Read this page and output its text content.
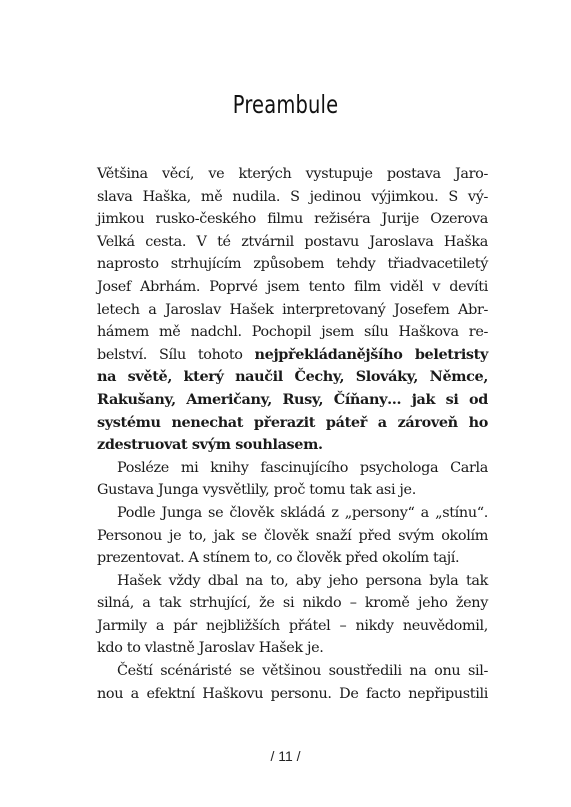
Preambule
Většina věcí, ve kterých vystupuje postava Jaro-
slava Haška, mě nudila. S jedinou výjimkou. S vý-
jimkou rusko-českého filmu režiséra Jurije Ozerova
Velká cesta. V té ztvárnil postavu Jaroslava Haška
naprosto strhujícím způsobem tehdy třiadvacetiletý
Josef Abrhám. Poprvé jsem tento film viděl v devíti
letech a Jaroslav Hašek interpretovaný Josefem Abr-
hámem mě nadchl. Pochopil jsem sílu Haškova re-
belství. Sílu tohoto nejpřekládanějšího beletristy
na světě, který naučil Čechy, Slováky, Němce,
Rakušany, Američany, Rusy, Číňany… jak si od
systému nenechat přerazit páteř a zároveň ho
zdestruovat svým souhlasem.
Posléze mi knihy fascinujícího psychologa Carla
Gustava Junga vysvětlily, proč tomu tak asi je.
Podle Junga se člověk skládá z „persony“ a „stínu“.
Personou je to, jak se člověk snaží před svým okolím
prezentovat. A stínem to, co člověk před okolím tají.
Hašek vždy dbal na to, aby jeho persona byla tak
silná, a tak strhující, že si nikdo – kromě jeho ženy
Jarmily a pár nejbližších přátel – nikdy neuvědomil,
kdo to vlastně Jaroslav Hašek je.
Čeští scénáristé se většinou soustředili na onu sil-
nou a efektní Haškovu personu. De facto nepřipustili
/ 11 /
